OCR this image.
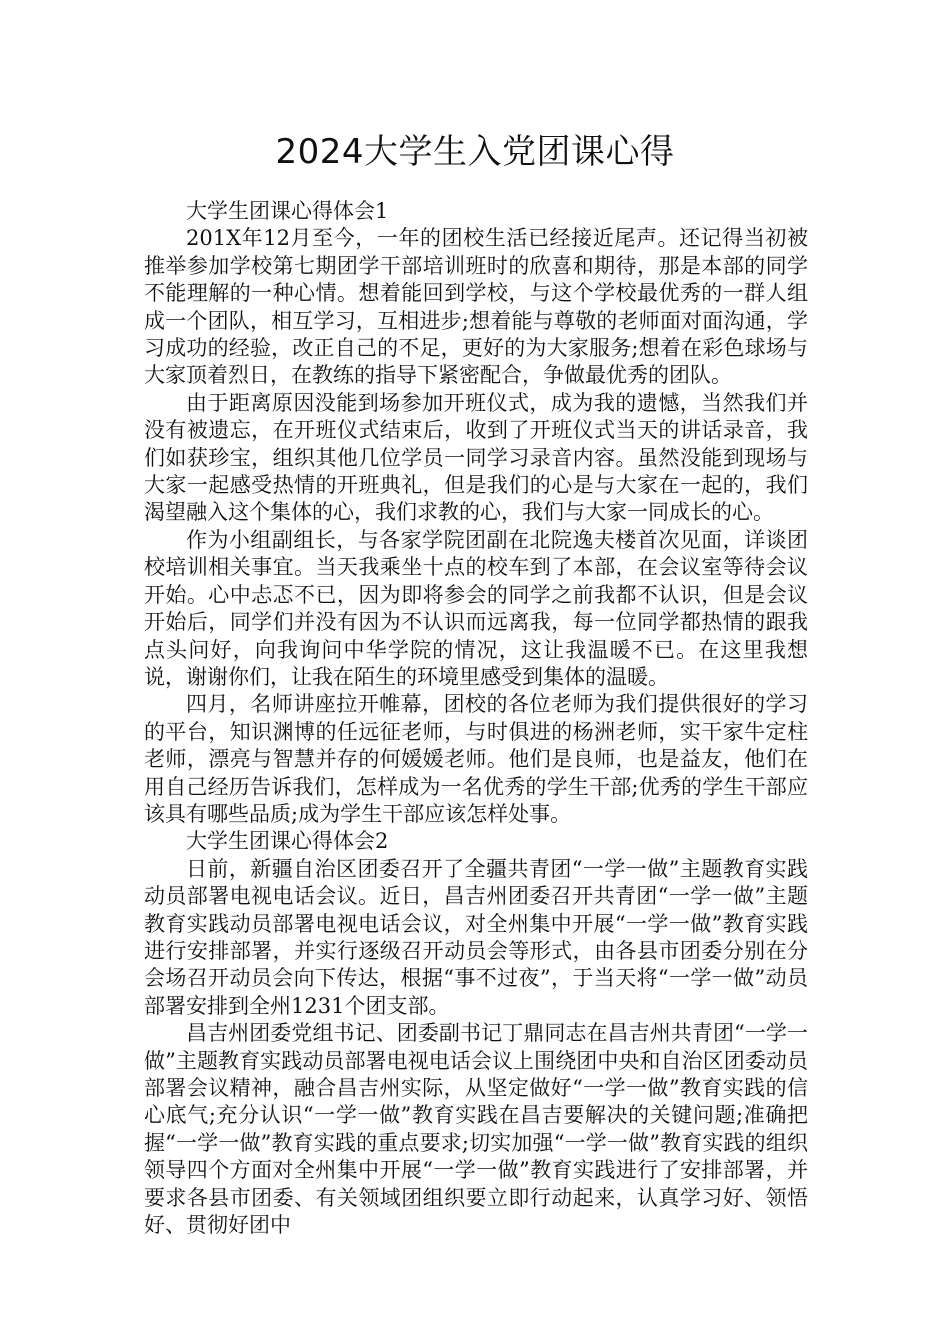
2024大学生入党团课心得

大学生团课心得体会1

201X年12月至今，一年的团校生活已经接近尾声。还记得当初被推举参加学校第七期团学干部培训班时的欣喜和期待，那是本部的同学不能理解的一种心情。想着能回到学校，与这个学校最优秀的一群人组成一个团队，相互学习，互相进步;想着能与尊敬的老师面对面沟通，学习成功的经验，改正自己的不足，更好的为大家服务;想着在彩色球场与大家顶着烈日，在教练的指导下紧密配合，争做最优秀的团队。

由于距离原因没能到场参加开班仪式，成为我的遗憾，当然我们并没有被遗忘，在开班仪式结束后，收到了开班仪式当天的讲话录音，我们如获珍宝，组织其他几位学员一同学习录音内容。虽然没能到现场与大家一起感受热情的开班典礼，但是我们的心是与大家在一起的，我们渴望融入这个集体的心，我们求教的心，我们与大家一同成长的心。

作为小组副组长，与各家学院团副在北院逸夫楼首次见面，详谈团校培训相关事宜。当天我乘坐十点的校车到了本部，在会议室等待会议开始。心中忐忑不已，因为即将参会的同学之前我都不认识，但是会议开始后，同学们并没有因为不认识而远离我，每一位同学都热情的跟我点头问好，向我询问中华学院的情况，这让我温暖不已。在这里我想说，谢谢你们，让我在陌生的环境里感受到集体的温暖。

四月，名师讲座拉开帷幕，团校的各位老师为我们提供很好的学习的平台，知识渊博的任远征老师，与时俱进的杨洲老师，实干家牛定柱老师，漂亮与智慧并存的何媛媛老师。他们是良师，也是益友，他们在用自己经历告诉我们，怎样成为一名优秀的学生干部;优秀的学生干部应该具有哪些品质;成为学生干部应该怎样处事。

大学生团课心得体会2

日前，新疆自治区团委召开了全疆共青团“一学一做”主题教育实践动员部署电视电话会议。近日，昌吉州团委召开共青团“一学一做”主题教育实践动员部署电视电话会议，对全州集中开展“一学一做”教育实践进行安排部署，并实行逐级召开动员会等形式，由各县市团委分别在分会场召开动员会向下传达，根据“事不过夜”，于当天将“一学一做”动员部署安排到全州1231个团支部。

昌吉州团委党组书记、团委副书记丁鼎同志在昌吉州共青团“一学一做”主题教育实践动员部署电视电话会议上围绕团中央和自治区团委动员部署会议精神，融合昌吉州实际，从坚定做好“一学一做”教育实践的信心底气;充分认识“一学一做”教育实践在昌吉要解决的关键问题;准确把握“一学一做”教育实践的重点要求;切实加强“一学一做”教育实践的组织领导四个方面对全州集中开展“一学一做”教育实践进行了安排部署，并要求各县市团委、有关领域团组织要立即行动起来，认真学习好、领悟好、贯彻好团中
